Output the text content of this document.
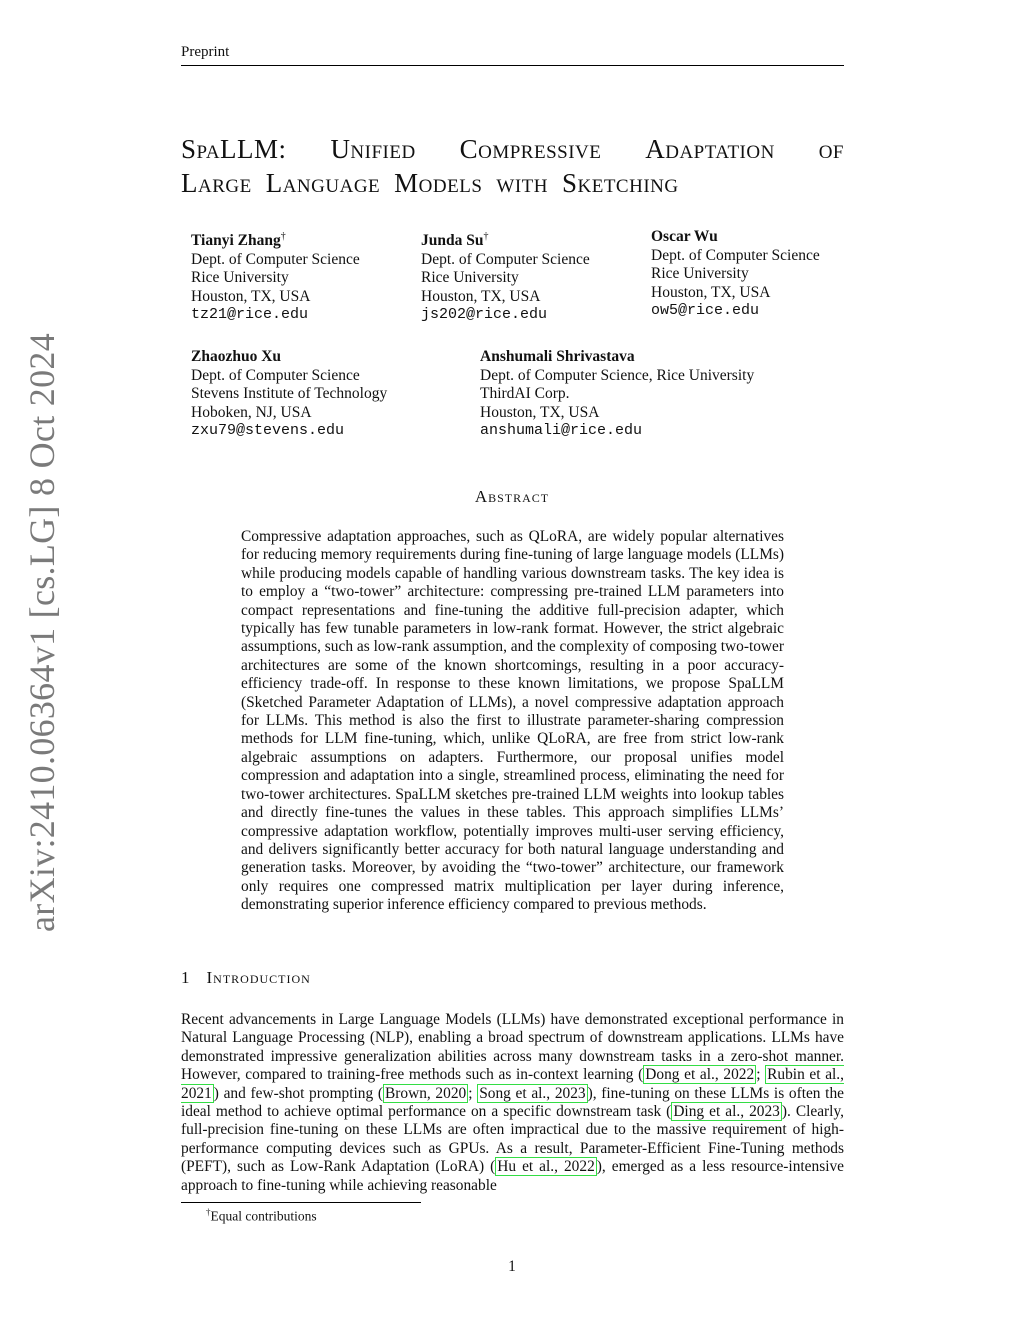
Preprint
SpaLLM: Unified Compressive Adaptation of
Large Language Models with Sketching
Tianyi Zhang†
Dept. of Computer Science
Rice University
Houston, TX, USA
tz21@rice.edu
Junda Su†
Dept. of Computer Science
Rice University
Houston, TX, USA
js202@rice.edu
Oscar Wu
Dept. of Computer Science
Rice University
Houston, TX, USA
ow5@rice.edu
Zhaozhuo Xu
Dept. of Computer Science
Stevens Institute of Technology
Hoboken, NJ, USA
zxu79@stevens.edu
Anshumali Shrivastava
Dept. of Computer Science, Rice University
ThirdAI Corp.
Houston, TX, USA
anshumali@rice.edu
arXiv:2410.06364v1 [cs.LG] 8 Oct 2024	Abstract
Compressive adaptation approaches, such as QLoRA, are widely popular alternatives for reducing memory requirements during fine-tuning of large language models (LLMs) while producing models capable of handling various downstream tasks. The key idea is to employ a “two-tower” architecture: compressing pre-trained LLM parameters into compact representations and fine-tuning the additive full-precision adapter, which typically has few tunable parameters in low-rank format. However, the strict algebraic assumptions, such as low-rank assumption, and the complexity of composing two-tower architectures are some of the known shortcomings, resulting in a poor accuracy-efficiency trade-off. In response to these known limitations, we propose SpaLLM (Sketched Parameter Adaptation of LLMs), a novel compressive adaptation approach for LLMs. This method is also the first to illustrate parameter-sharing compression methods for LLM fine-tuning, which, unlike QLoRA, are free from strict low-rank algebraic assumptions on adapters. Furthermore, our proposal unifies model compression and adaptation into a single, streamlined process, eliminating the need for two-tower architectures. SpaLLM sketches pre-trained LLM weights into lookup tables and directly fine-tunes the values in these tables. This approach simplifies LLMs’ compressive adaptation workflow, potentially improves multi-user serving efficiency, and delivers significantly better accuracy for both natural language understanding and generation tasks. Moreover, by avoiding the “two-tower” architecture, our framework only requires one compressed matrix multiplication per layer during inference, demonstrating superior inference efficiency compared to previous methods.
1 Introduction
Recent advancements in Large Language Models (LLMs) have demonstrated exceptional performance in Natural Language Processing (NLP), enabling a broad spectrum of downstream applications. LLMs have demonstrated impressive generalization abilities across many downstream tasks in a zero-shot manner. However, compared to training-free methods such as in-context learning ( Dong et al., 2022 ; Rubin et al., 2021 ) and few-shot prompting ( Brown, 2020 ; Song et al., 2023 ), fine-tuning on these LLMs is often the ideal method to achieve optimal performance on a specific downstream task ( Ding et al., 2023 ). Clearly, full-precision fine-tuning on these LLMs are often impractical due to the massive requirement of high-performance computing devices such as GPUs. As a result, Parameter-Efficient Fine-Tuning methods (PEFT), such as Low-Rank Adaptation (LoRA) ( Hu et al., 2022 ), emerged as a less resource-intensive approach to fine-tuning while achieving reasonable
†Equal contributions
1
